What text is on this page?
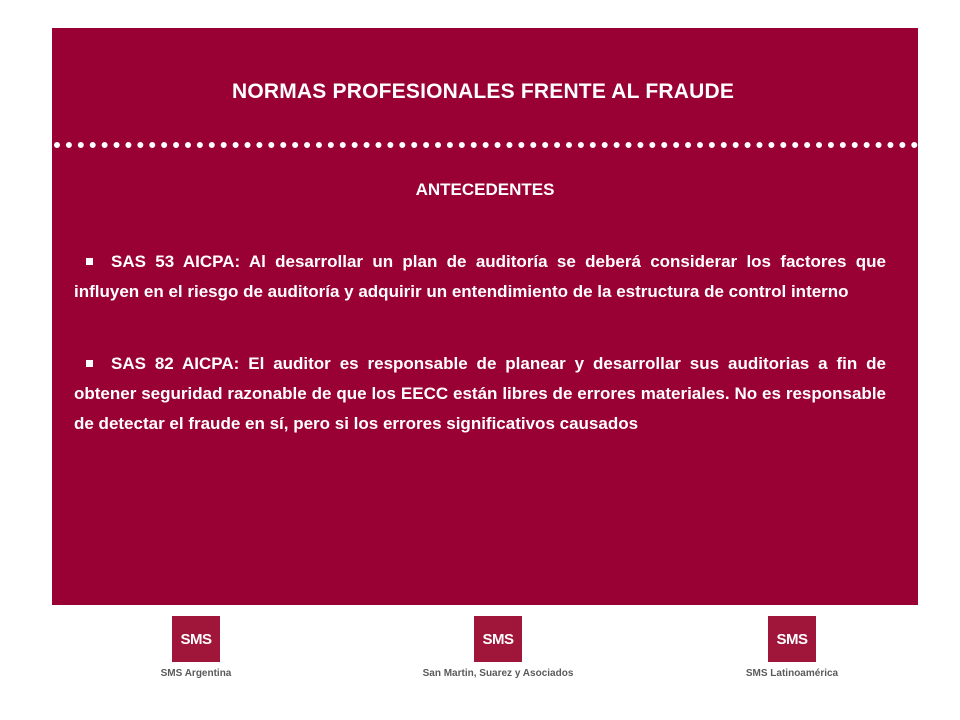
NORMAS PROFESIONALES FRENTE AL FRAUDE
ANTECEDENTES
SAS 53 AICPA: Al desarrollar un plan de auditoría se deberá considerar los factores que influyen en el riesgo de auditoría y adquirir un entendimiento de la estructura de control interno
SAS 82 AICPA: El auditor es responsable de planear y desarrollar sus auditorias a fin de obtener seguridad razonable de que los EECC están libres de errores materiales. No es responsable de detectar el fraude en sí, pero si los errores significativos causados
SMS
SMS Argentina
SMS
San Martin, Suarez y Asociados
SMS
SMS Latinoamérica
